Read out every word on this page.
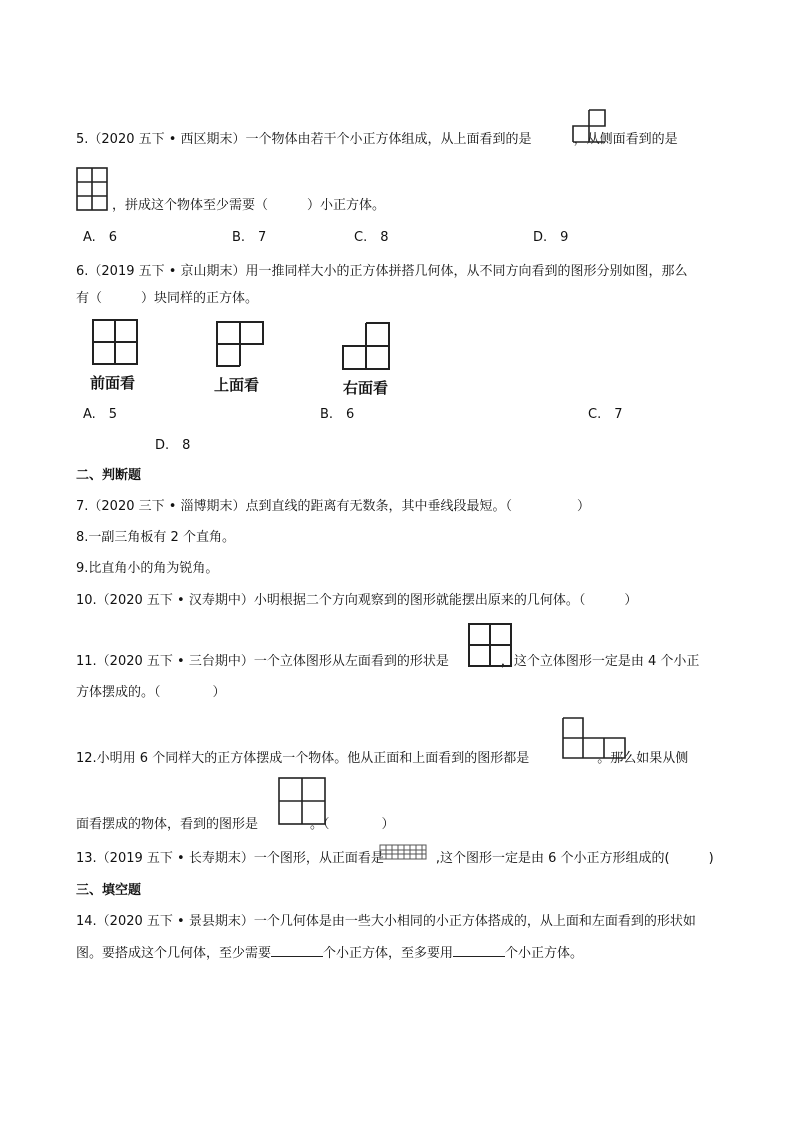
5.（2020 五下 • 西区期末）一个物体由若干个小正方体组成，从上面看到的是	，从侧面看到的是
，拼成这个物体至少需要（　　　）小正方体。
A.　6	B.　7	C.　8	D.　9
6.（2019 五下 • 京山期末）用一推同样大小的正方体拼搭几何体，从不同方向看到的图形分别如图，那么
有（　　　）块同样的正方体。
前面看	上面看	右面看
A.　5	B.　6	C.　7
D.　8
二、判断题
7.（2020 三下 • 淄博期末）点到直线的距离有无数条，其中垂线段最短。（　　　　　）
8.一副三角板有 2 个直角。
9.比直角小的角为锐角。
10.（2020 五下 • 汉寿期中）小明根据二个方向观察到的图形就能摆出原来的几何体。（　　　）
11.（2020 五下 • 三台期中）一个立体图形从左面看到的形状是	，这个立体图形一定是由 4 个小正
方体摆成的。（　　　　）
12.小明用 6 个同样大的正方体摆成一个物体。他从正面和上面看到的图形都是	。那么如果从侧
面看摆成的物体，看到的图形是	。（　　　　）
13.（2019 五下 • 长寿期末）一个图形，从正面看是	,这个图形一定是由 6 个小正方形组成的(　　　)
三、填空题
14.（2020 五下 • 景县期末）一个几何体是由一些大小相同的小正方体搭成的，从上面和左面看到的形状如
图。要搭成这个几何体，至少需要	个小正方体，至多要用	个小正方体。
